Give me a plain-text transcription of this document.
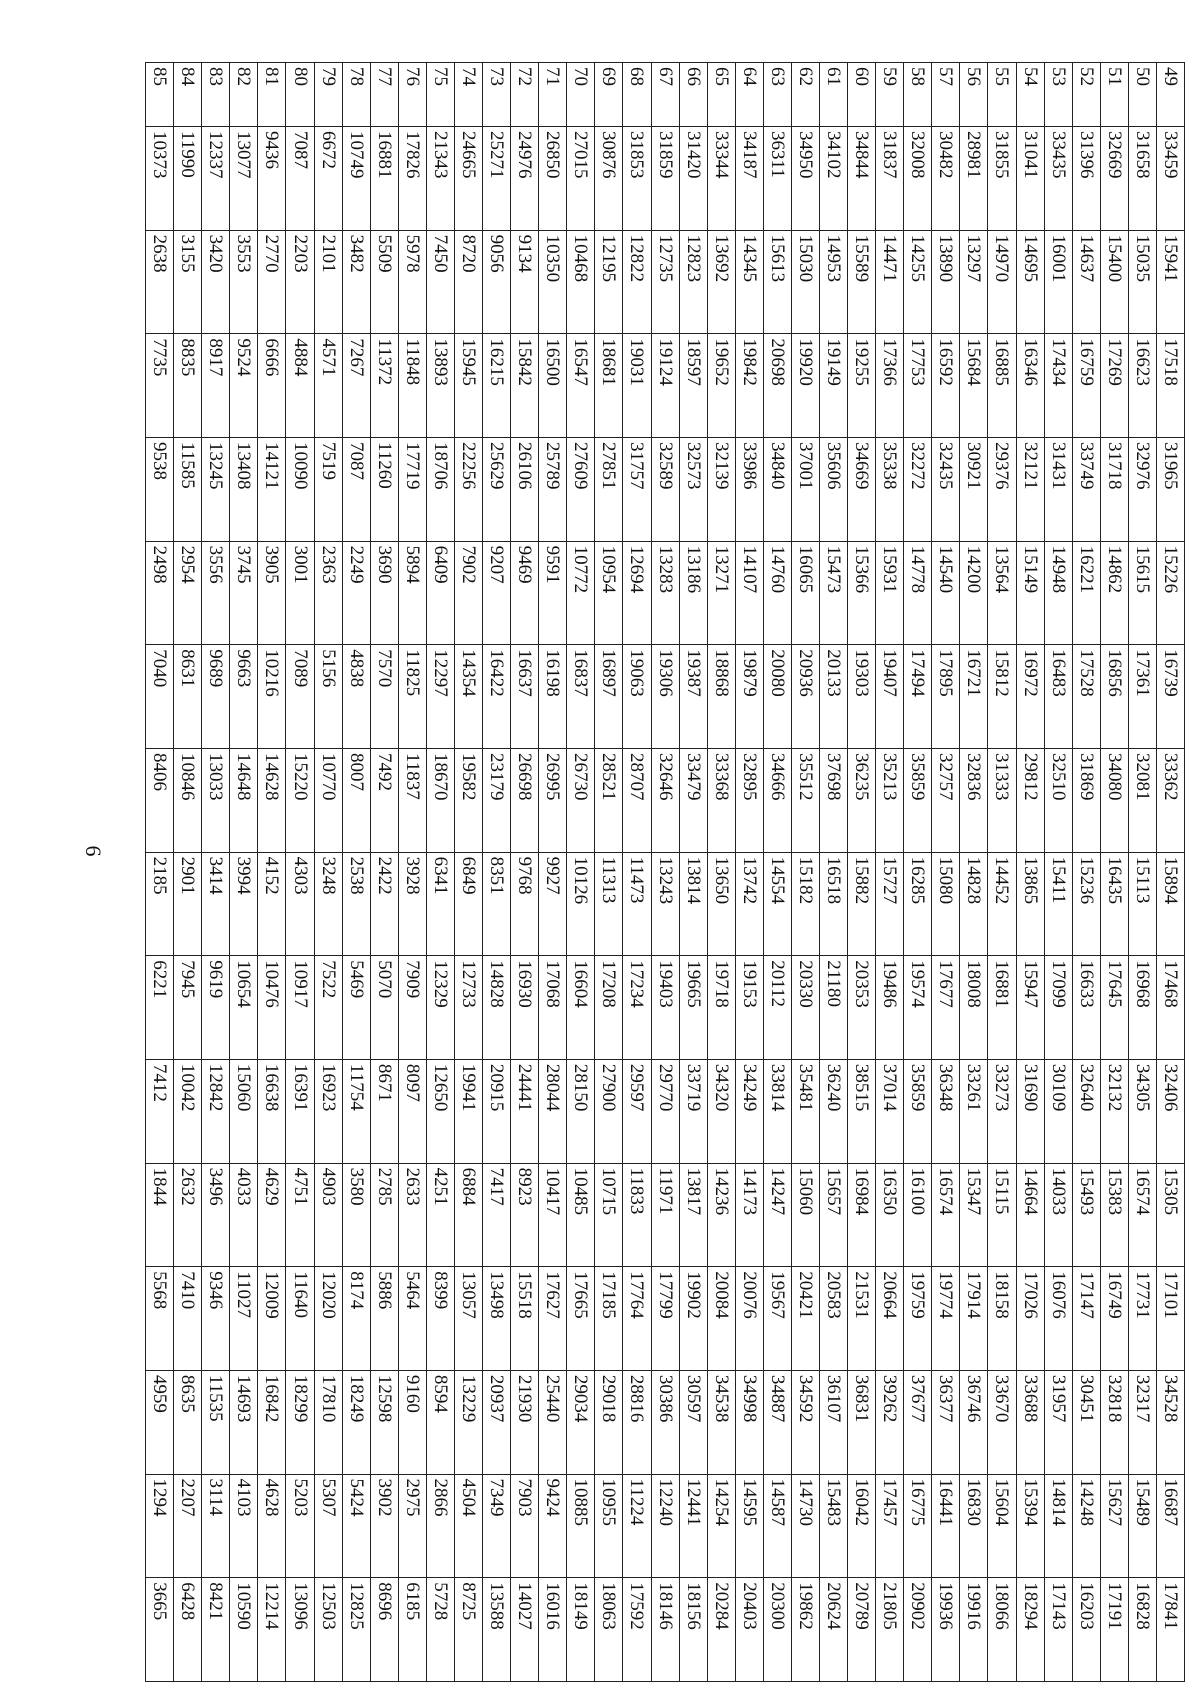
6
49	33459	15941	17518	31965	15226	16739	33362	15894	17468	32406	15305	17101	34528	16687	17841
50	31658	15035	16623	32976	15615	17361	32081	15113	16968	34305	16574	17731	32317	15489	16828
51	32669	15400	17269	31718	14862	16856	34080	16435	17645	32132	15383	16749	32818	15627	17191
52	31396	14637	16759	33749	16221	17528	31869	15236	16633	32640	15493	17147	30451	14248	16203
53	33435	16001	17434	31431	14948	16483	32510	15411	17099	30109	14033	16076	31957	14814	17143
54	31041	14695	16346	32121	15149	16972	29812	13865	15947	31690	14664	17026	33688	15394	18294
55	31855	14970	16885	29376	13564	15812	31333	14452	16881	33273	15115	18158	33670	15604	18066
56	28981	13297	15684	30921	14200	16721	32836	14828	18008	33261	15347	17914	36746	16830	19916
57	30482	13890	16592	32435	14540	17895	32757	15080	17677	36348	16574	19774	36377	16441	19936
58	32008	14255	17753	32272	14778	17494	35859	16285	19574	35859	16100	19759	37677	16775	20902
59	31837	14471	17366	35338	15931	19407	35213	15727	19486	37014	16350	20664	39262	17457	21805
60	34844	15589	19255	34669	15366	19303	36235	15882	20353	38515	16984	21531	36831	16042	20789
61	34102	14953	19149	35606	15473	20133	37698	16518	21180	36240	15657	20583	36107	15483	20624
62	34950	15030	19920	37001	16065	20936	35512	15182	20330	35481	15060	20421	34592	14730	19862
63	36311	15613	20698	34840	14760	20080	34666	14554	20112	33814	14247	19567	34887	14587	20300
64	34187	14345	19842	33986	14107	19879	32895	13742	19153	34249	14173	20076	34998	14595	20403
65	33344	13692	19652	32139	13271	18868	33368	13650	19718	34320	14236	20084	34538	14254	20284
66	31420	12823	18597	32573	13186	19387	33479	13814	19665	33719	13817	19902	30597	12441	18156
67	31859	12735	19124	32589	13283	19306	32646	13243	19403	29770	11971	17799	30386	12240	18146
68	31853	12822	19031	31757	12694	19063	28707	11473	17234	29597	11833	17764	28816	11224	17592
69	30876	12195	18681	27851	10954	16897	28521	11313	17208	27900	10715	17185	29018	10955	18063
70	27015	10468	16547	27609	10772	16837	26730	10126	16604	28150	10485	17665	29034	10885	18149
71	26850	10350	16500	25789	9591	16198	26995	9927	17068	28044	10417	17627	25440	9424	16016
72	24976	9134	15842	26106	9469	16637	26698	9768	16930	24441	8923	15518	21930	7903	14027
73	25271	9056	16215	25629	9207	16422	23179	8351	14828	20915	7417	13498	20937	7349	13588
74	24665	8720	15945	22256	7902	14354	19582	6849	12733	19941	6884	13057	13229	4504	8725
75	21343	7450	13893	18706	6409	12297	18670	6341	12329	12650	4251	8399	8594	2866	5728
76	17826	5978	11848	17719	5894	11825	11837	3928	7909	8097	2633	5464	9160	2975	6185
77	16881	5509	11372	11260	3690	7570	7492	2422	5070	8671	2785	5886	12598	3902	8696
78	10749	3482	7267	7087	2249	4838	8007	2538	5469	11754	3580	8174	18249	5424	12825
79	6672	2101	4571	7519	2363	5156	10770	3248	7522	16923	4903	12020	17810	5307	12503
80	7087	2203	4884	10090	3001	7089	15220	4303	10917	16391	4751	11640	18299	5203	13096
81	9436	2770	6666	14121	3905	10216	14628	4152	10476	16638	4629	12009	16842	4628	12214
82	13077	3553	9524	13408	3745	9663	14648	3994	10654	15060	4033	11027	14693	4103	10590
83	12337	3420	8917	13245	3556	9689	13033	3414	9619	12842	3496	9346	11535	3114	8421
84	11990	3155	8835	11585	2954	8631	10846	2901	7945	10042	2632	7410	8635	2207	6428
85	10373	2638	7735	9538	2498	7040	8406	2185	6221	7412	1844	5568	4959	1294	3665
